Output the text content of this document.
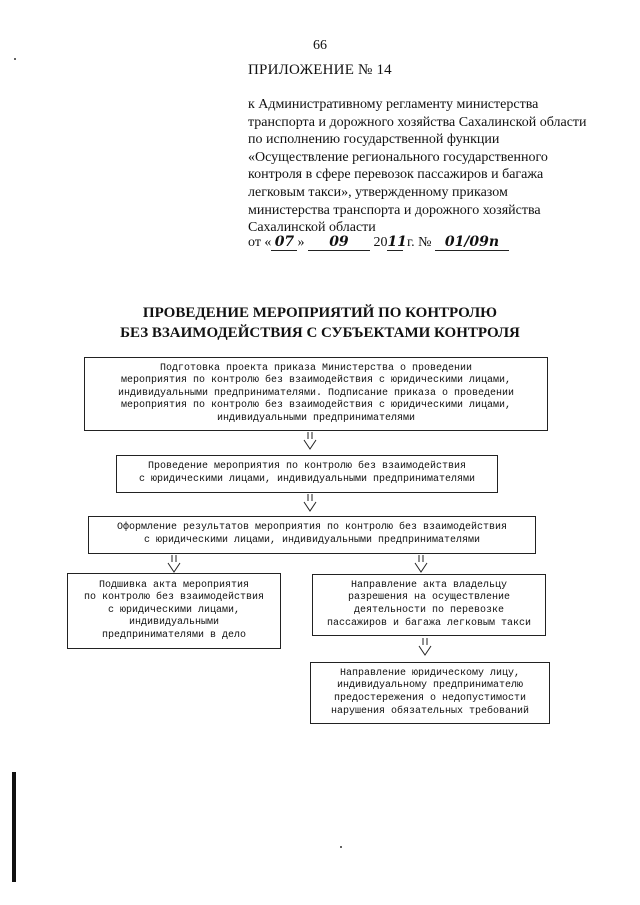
66
ПРИЛОЖЕНИЕ № 14
к Административному регламенту министерства транспорта и дорожного хозяйства Сахалинской области по исполнению государственной функции «Осуществление регионального государственного контроля в сфере перевозок пассажиров и багажа легковым такси», утвержденному приказом министерства транспорта и дорожного хозяйства Сахалинской области
от « 07 » 09 2011 г. № 01/09п
ПРОВЕДЕНИЕ МЕРОПРИЯТИЙ ПО КОНТРОЛЮ
БЕЗ ВЗАИМОДЕЙСТВИЯ С СУБЪЕКТАМИ КОНТРОЛЯ
Подготовка проекта приказа Министерства о проведении
мероприятия по контролю без взаимодействия с юридическими лицами,
индивидуальными предпринимателями. Подписание приказа о проведении
мероприятия по контролю без взаимодействия с юридическими лицами,
индивидуальными предпринимателями
Проведение мероприятия по контролю без взаимодействия
с юридическими лицами, индивидуальными предпринимателями
Оформление результатов мероприятия по контролю без взаимодействия
с юридическими лицами, индивидуальными предпринимателями
Подшивка акта мероприятия
по контролю без взаимодействия
с юридическими лицами,
индивидуальными
предпринимателями в дело
Направление акта владельцу
разрешения на осуществление
деятельности по перевозке
пассажиров и багажа легковым такси
Направление юридическому лицу,
индивидуальному предпринимателю
предостережения о недопустимости
нарушения обязательных требований
